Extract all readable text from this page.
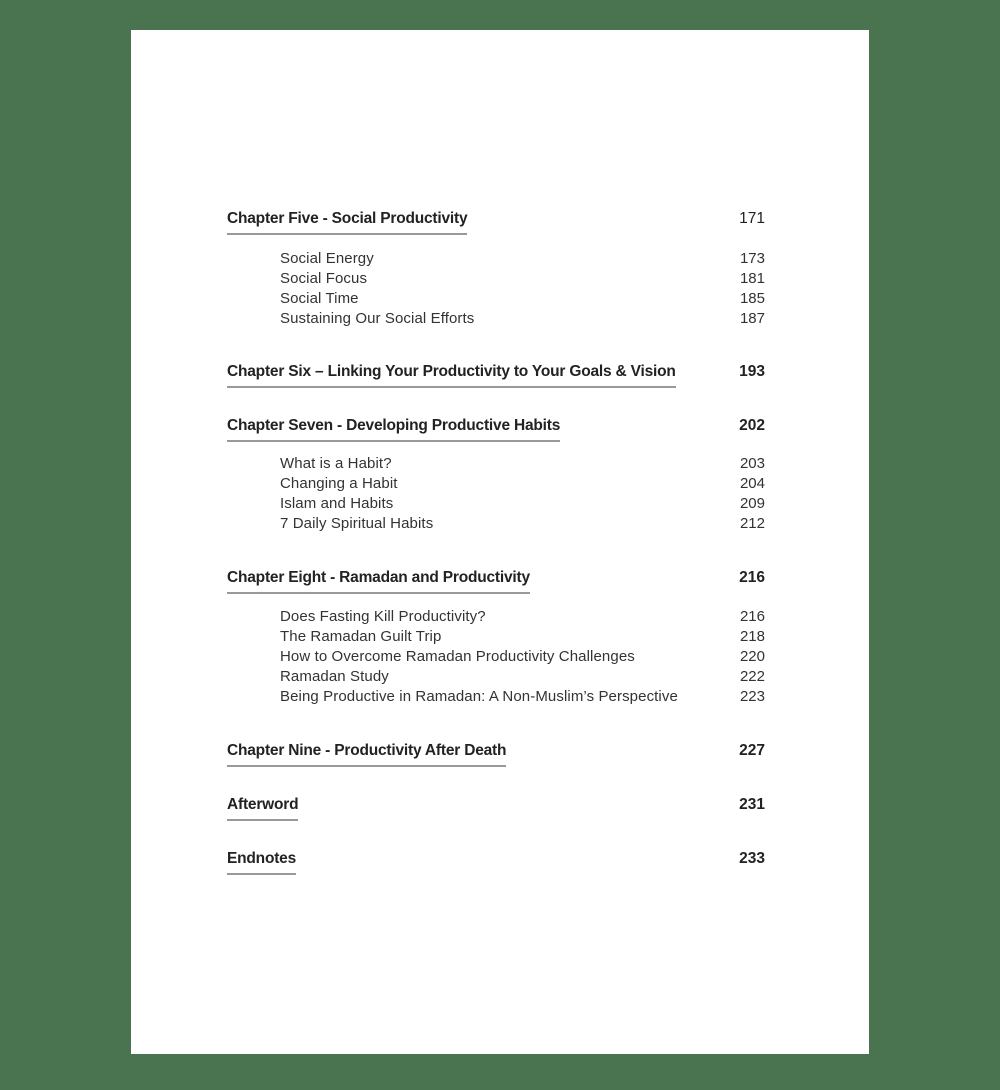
Chapter Five - Social Productivity	171
Social Energy	173
Social Focus	181
Social Time	185
Sustaining Our Social Efforts	187
Chapter Six – Linking Your Productivity to Your Goals & Vision	193
Chapter Seven - Developing Productive Habits	202
What is a Habit?	203
Changing a Habit	204
Islam and Habits	209
7 Daily Spiritual Habits	212
Chapter Eight - Ramadan and Productivity	216
Does Fasting Kill Productivity?	216
The Ramadan Guilt Trip	218
How to Overcome Ramadan Productivity Challenges	220
Ramadan Study	222
Being Productive in Ramadan: A Non-Muslim’s Perspective	223
Chapter Nine - Productivity After Death	227
Afterword	231
Endnotes	233
